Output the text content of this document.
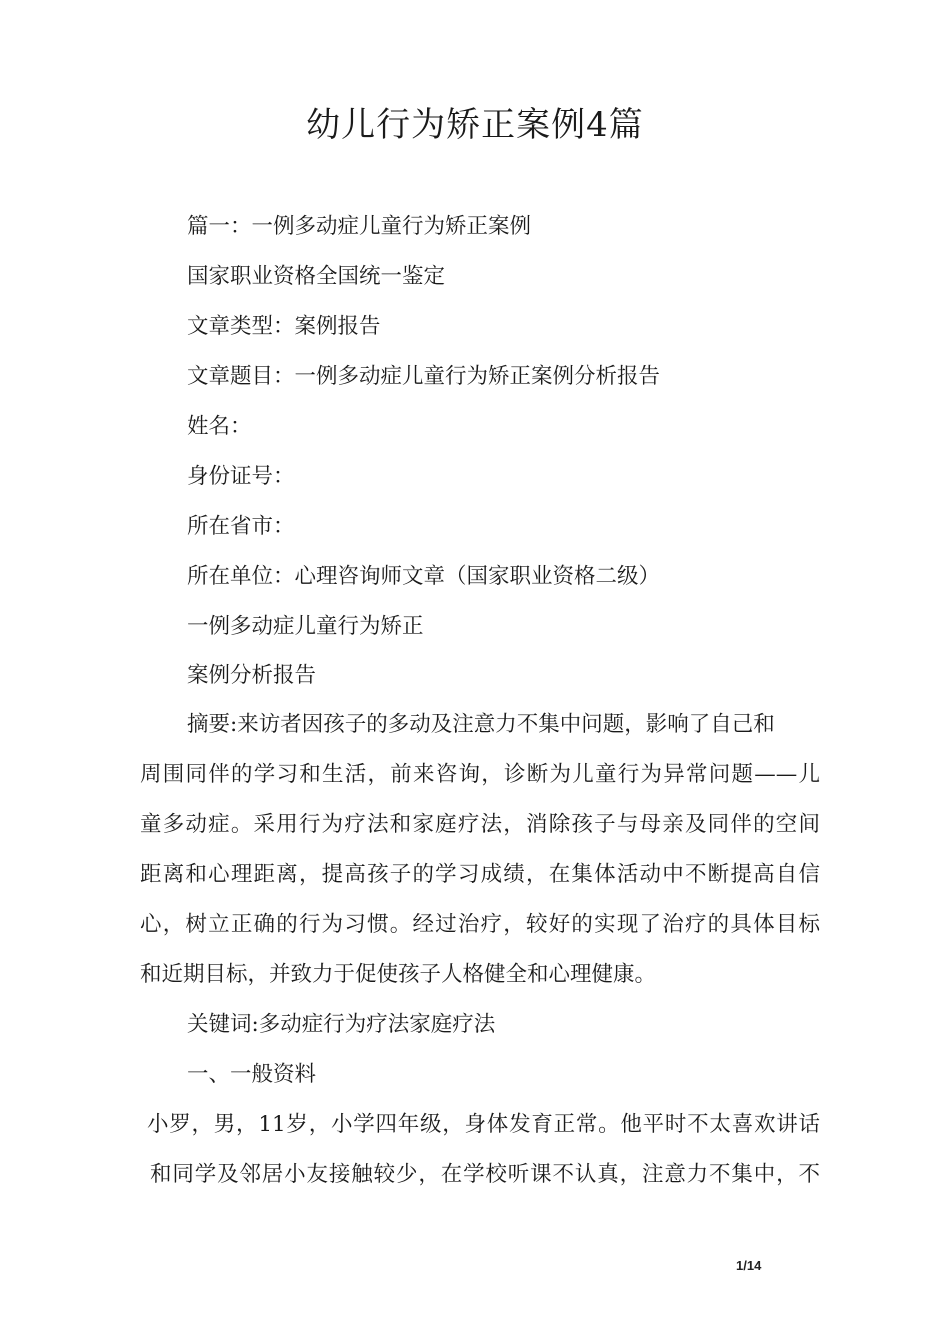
幼儿行为矫正案例4篇

篇一：一例多动症儿童行为矫正案例

国家职业资格全国统一鉴定

文章类型：案例报告

文章题目：一例多动症儿童行为矫正案例分析报告

姓名：

身份证号：

所在省市：

所在单位：心理咨询师文章（国家职业资格二级）

一例多动症儿童行为矫正

案例分析报告

摘要:来访者因孩子的多动及注意力不集中问题，影响了自己和

周围同伴的学习和生活，前来咨询，诊断为儿童行为异常问题——儿

童多动症。采用行为疗法和家庭疗法，消除孩子与母亲及同伴的空间

距离和心理距离，提高孩子的学习成绩，在集体活动中不断提高自信

心，树立正确的行为习惯。经过治疗，较好的实现了治疗的具体目标

和近期目标，并致力于促使孩子人格健全和心理健康。

关键词:多动症行为疗法家庭疗法

一、一般资料

小罗，男，11岁，小学四年级，身体发育正常。他平时不太喜欢讲话

和同学及邻居小友接触较少，在学校听课不认真，注意力不集中，不

1/14
